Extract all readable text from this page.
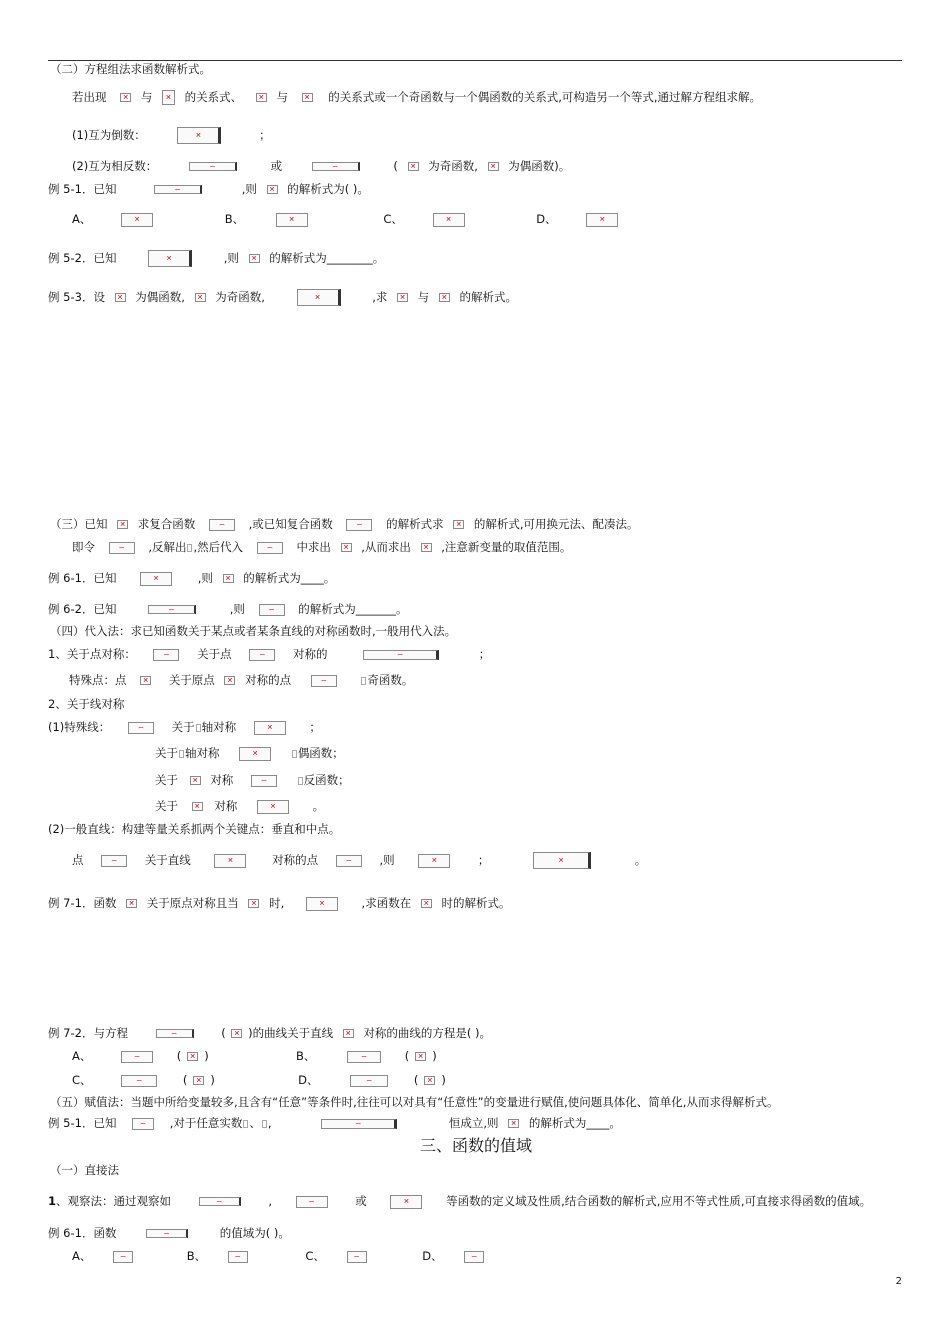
（二）方程组法求函数解析式。
若出现 ✕	与 ✕	的关系式、 ✕	与 ✕	的关系式或一个奇函数与一个偶函数的关系式,可构造另一个等式,通过解方程组求解。
(1)互为倒数： ✕	；
(2)互为相反数： ⌢	或 ⌢	( ✕	为奇函数, ✕	为偶函数)。
例 5-1．已知 ⌢	,则 ✕	的解析式为( )。
A、 ✕	B、 ✕	C、 ✕	D、 ✕
例 5-2．已知 ✕	,则 ✕	的解析式为________。
例 5-3．设 ✕	为偶函数, ✕	为奇函数, ✕	,求 ✕	与 ✕	的解析式。
（三）已知 ✕	求复合函数 ⌢	,或已知复合函数 ⌢	的解析式求 ✕	的解析式,可用换元法、配凑法。
即令 ⌢	,反解出 ,然后代入 ⌢	中求出 ✕	,从而求出 ✕	,注意新变量的取值范围。
例 6-1．已知 ✕	,则 ✕	的解析式为____。
例 6-2．已知 ⌢	,则 ⌢	的解析式为_______。
（四）代入法：求已知函数关于某点或者某条直线的对称函数时,一般用代入法。
1、关于点对称： ⌢	关于点 ⌢	对称的 ⌢	；
特殊点：点 ✕	关于原点 ✕	对称的点 ⌢	奇函数。
2、关于线对称
(1)特殊线： ⌢	关于 轴对称 ✕	；
关于 轴对称 ✕	偶函数；
关于 ✕	对称 ⌢	反函数；
关于 ✕	对称 ✕	。
(2)一般直线：构建等量关系抓两个关键点：垂直和中点。
点 ⌢	关于直线 ✕	对称的点 ⌢	,则 ✕	； ✕	。
例 7-1．函数 ✕	关于原点对称且当 ✕	时, ✕	,求函数在 ✕	时的解析式。
例 7-2．与方程 ⌢	( ✕ )的曲线关于直线 ✕	对称的曲线的方程是( )。
A、 ⌢	( ✕ )	B、 ⌢	( ✕ )
C、 ⌢	( ✕ )	D、 ⌢	( ✕ )
（五）赋值法：当题中所给变量较多,且含有“任意”等条件时,往往可以对具有“任意性”的变量进行赋值,使问题具体化、简单化,从而求得解析式。
例 5-1．已知 ⌢	,对于任意实数 、 , ⌢	恒成立,则 ✕	的解析式为____。
三、函数的值域
（一）直接法
1、观察法：通过观察如 ⌢	, ⌢	或 ✕	等函数的定义域及性质,结合函数的解析式,应用不等式性质,可直接求得函数的值域。
例 6-1．函数 ⌢	的值域为( )。
A、 ⌢	B、 ⌢	C、 ⌢	D、 ⌢
2
